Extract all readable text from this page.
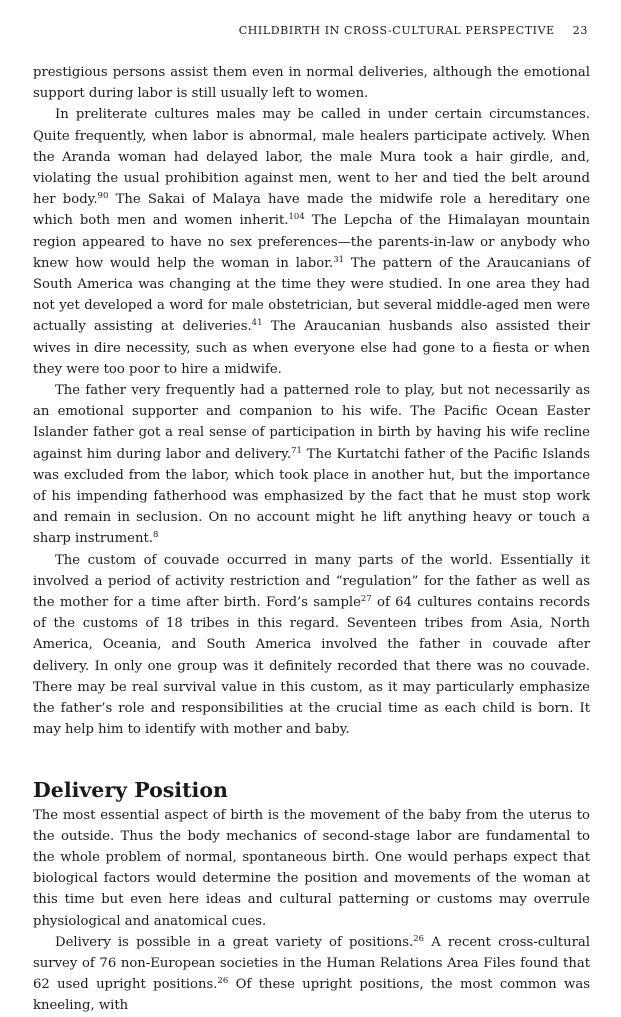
CHILDBIRTH IN CROSS-CULTURAL PERSPECTIVE 23

prestigious persons assist them even in normal deliveries, although the emotional support during labor is still usually left to women.

In preliterate cultures males may be called in under certain circumstances. Quite frequently, when labor is abnormal, male healers participate actively. When the Aranda woman had delayed labor, the male Mura took a hair girdle, and, violating the usual prohibition against men, went to her and tied the belt around her body.$^{90}$ The Sakai of Malaya have made the midwife role a hereditary one which both men and women inherit.$^{104}$ The Lepcha of the Himalayan mountain region appeared to have no sex preferences—the parents-in-law or anybody who knew how would help the woman in labor.$^{31}$ The pattern of the Araucanians of South America was changing at the time they were studied. In one area they had not yet developed a word for male obstetrician, but several middle-aged men were actually assisting at deliveries.$^{41}$ The Araucanian husbands also assisted their wives in dire necessity, such as when everyone else had gone to a fiesta or when they were too poor to hire a midwife.

The father very frequently had a patterned role to play, but not necessarily as an emotional supporter and companion to his wife. The Pacific Ocean Easter Islander father got a real sense of participation in birth by having his wife recline against him during labor and delivery.$^{71}$ The Kurtatchi father of the Pacific Islands was excluded from the labor, which took place in another hut, but the importance of his impending fatherhood was emphasized by the fact that he must stop work and remain in seclusion. On no account might he lift anything heavy or touch a sharp instrument.$^8$

The custom of couvade occurred in many parts of the world. Essentially it involved a period of activity restriction and “regulation” for the father as well as the mother for a time after birth. Ford’s sample$^{27}$ of 64 cultures contains records of the customs of 18 tribes in this regard. Seventeen tribes from Asia, North America, Oceania, and South America involved the father in couvade after delivery. In only one group was it definitely recorded that there was no couvade. There may be real survival value in this custom, as it may particularly emphasize the father’s role and responsibilities at the crucial time as each child is born. It may help him to identify with mother and baby.

Delivery Position

The most essential aspect of birth is the movement of the baby from the uterus to the outside. Thus the body mechanics of second-stage labor are fundamental to the whole problem of normal, spontaneous birth. One would perhaps expect that biological factors would determine the position and movements of the woman at this time but even here ideas and cultural patterning or customs may overrule physiological and anatomical cues.

Delivery is possible in a great variety of positions.$^{26}$ A recent cross-cultural survey of 76 non-European societies in the Human Relations Area Files found that 62 used upright positions.$^{26}$ Of these upright positions, the most common was kneeling, with
